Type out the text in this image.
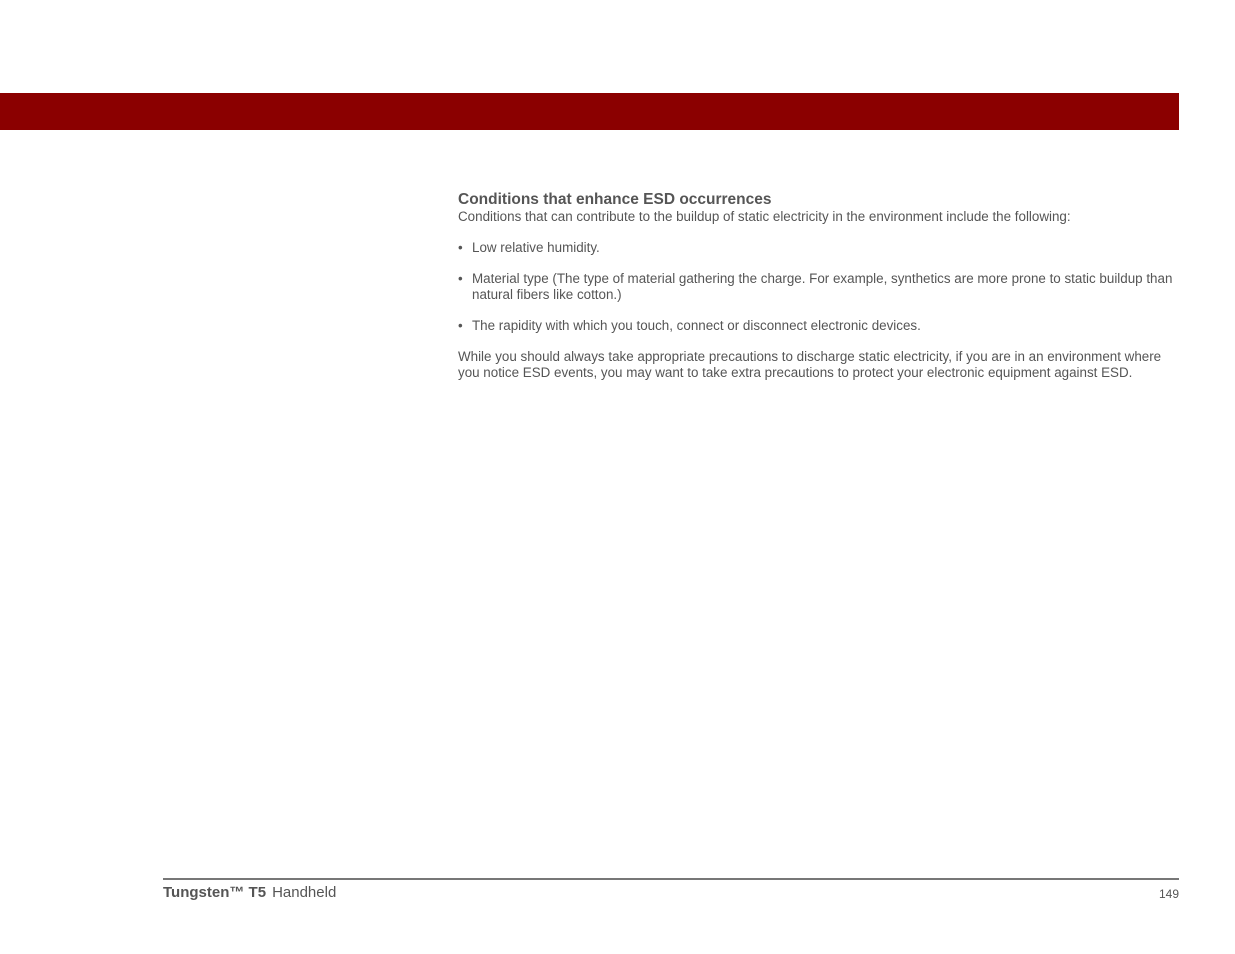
Conditions that enhance ESD occurrences

Conditions that can contribute to the buildup of static electricity in the environment include the following:

• Low relative humidity.
• Material type (The type of material gathering the charge. For example, synthetics are more prone to static buildup than natural fibers like cotton.)
• The rapidity with which you touch, connect or disconnect electronic devices.

While you should always take appropriate precautions to discharge static electricity, if you are in an environment where you notice ESD events, you may want to take extra precautions to protect your electronic equipment against ESD.

Tungsten™ T5 Handheld	149
